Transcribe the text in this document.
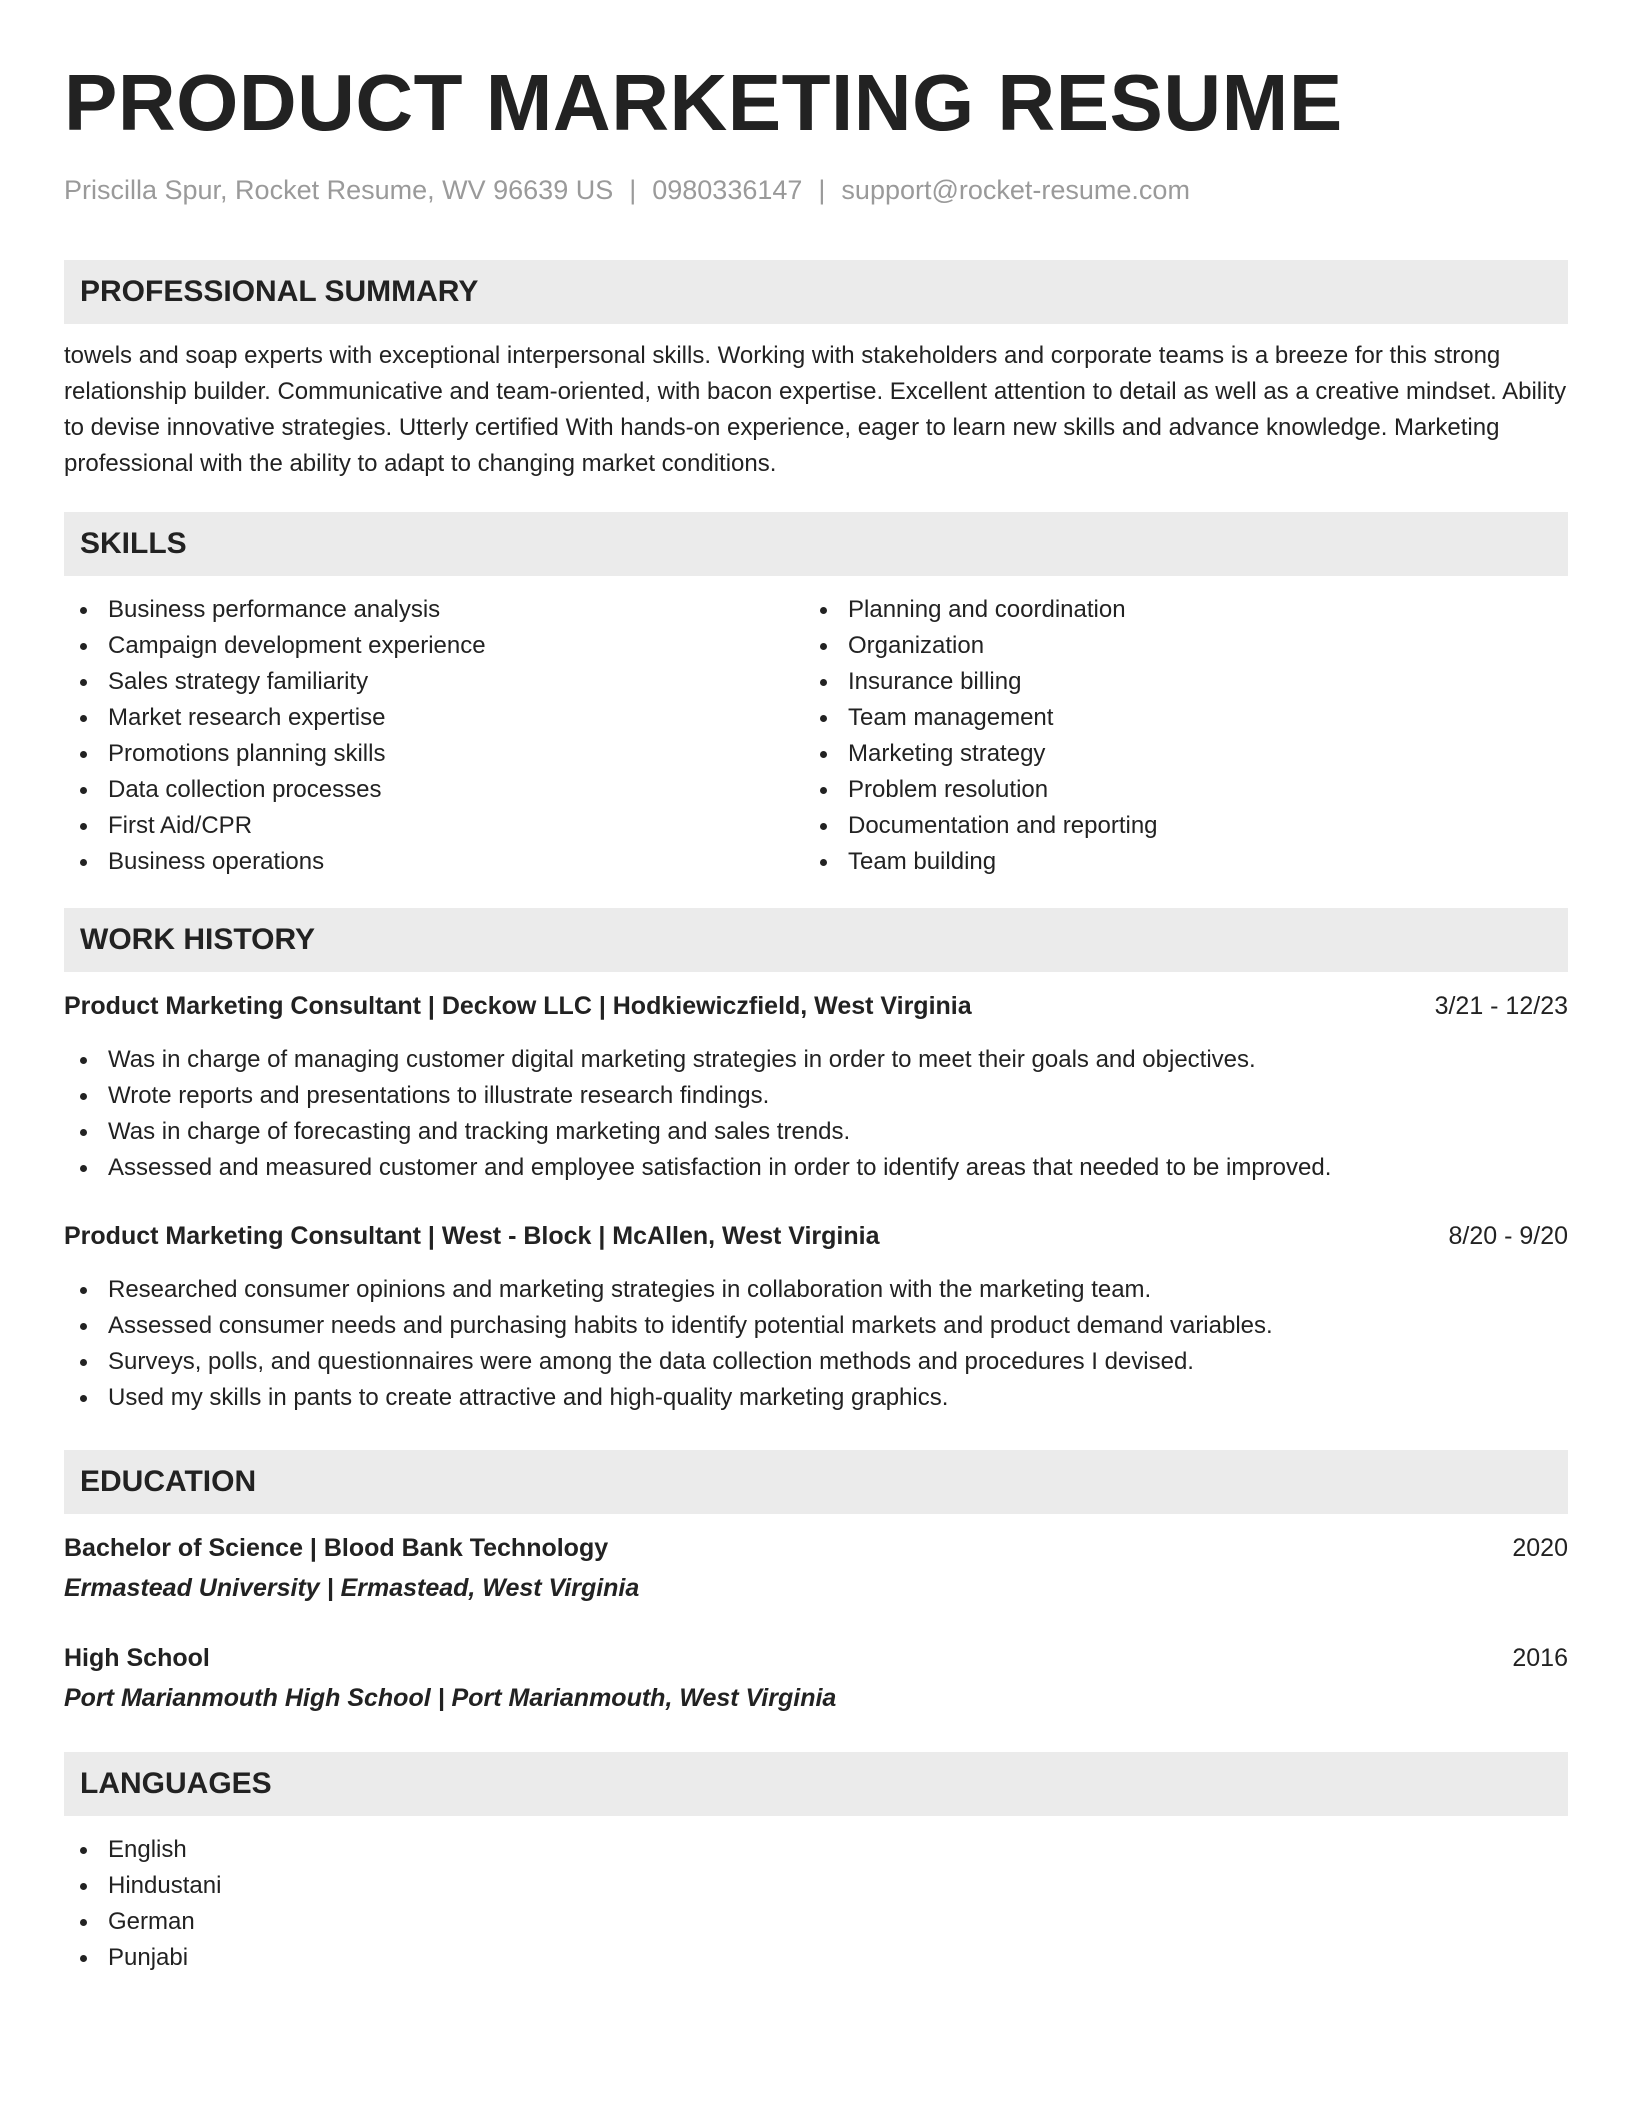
PRODUCT MARKETING RESUME
Priscilla Spur, Rocket Resume, WV 96639 US | 0980336147 | support@rocket-resume.com
PROFESSIONAL SUMMARY

towels and soap experts with exceptional interpersonal skills. Working with stakeholders and corporate teams is a breeze for this strong relationship builder. Communicative and team-oriented, with bacon expertise. Excellent attention to detail as well as a creative mindset. Ability to devise innovative strategies. Utterly certified With hands-on experience, eager to learn new skills and advance knowledge. Marketing professional with the ability to adapt to changing market conditions.

SKILLS
Business performance analysis
Campaign development experience
Sales strategy familiarity
Market research expertise
Promotions planning skills
Data collection processes
First Aid/CPR
Business operations
Planning and coordination
Organization
Insurance billing
Team management
Marketing strategy
Problem resolution
Documentation and reporting
Team building
WORK HISTORY
Product Marketing Consultant | Deckow LLC | Hodkiewiczfield, West Virginia	3/21 - 12/23
Was in charge of managing customer digital marketing strategies in order to meet their goals and objectives.
Wrote reports and presentations to illustrate research findings.
Was in charge of forecasting and tracking marketing and sales trends.
Assessed and measured customer and employee satisfaction in order to identify areas that needed to be improved.
Product Marketing Consultant | West - Block | McAllen, West Virginia	8/20 - 9/20
Researched consumer opinions and marketing strategies in collaboration with the marketing team.
Assessed consumer needs and purchasing habits to identify potential markets and product demand variables.
Surveys, polls, and questionnaires were among the data collection methods and procedures I devised.
Used my skills in pants to create attractive and high-quality marketing graphics.
EDUCATION
Bachelor of Science | Blood Bank Technology	2020
Ermastead University | Ermastead, West Virginia
High School	2016
Port Marianmouth High School | Port Marianmouth, West Virginia
LANGUAGES
English
Hindustani
German
Punjabi
